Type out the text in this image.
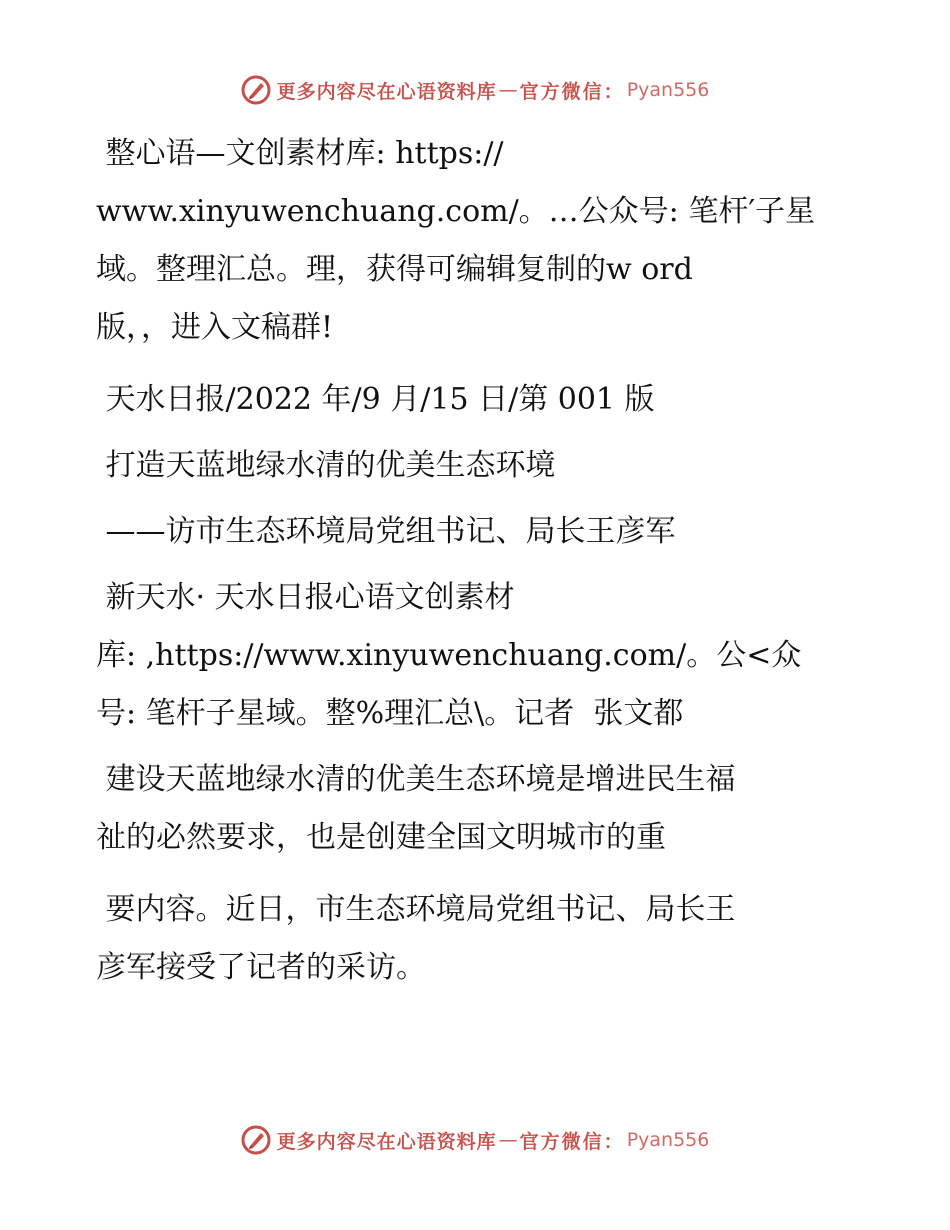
更多内容尽在心语资料库 — 官方微信： Pyan556

整心语—文创素材库: https://

www.xinyuwenchuang.com/。…公众号: 笔杆′子星

域。整理汇总。理，获得可编辑复制的w ord

版，，进入文稿群!

天水日报/2022 年/9 月/15 日/第 001 版

打造天蓝地绿水清的优美生态环境

——访市生态环境局党组书记、局长王彦军

新天水· 天水日报心语文创素材

库: ,https://www.xinyuwenchuang.com/。公<众

号: 笔杆子星域。整%理汇总\。记者  张文都

建设天蓝地绿水清的优美生态环境是增进民生福

祉的必然要求，也是创建全国文明城市的重

要内容。近日，市生态环境局党组书记、局长王

彦军接受了记者的采访。

更多内容尽在心语资料库 — 官方微信： Pyan556
